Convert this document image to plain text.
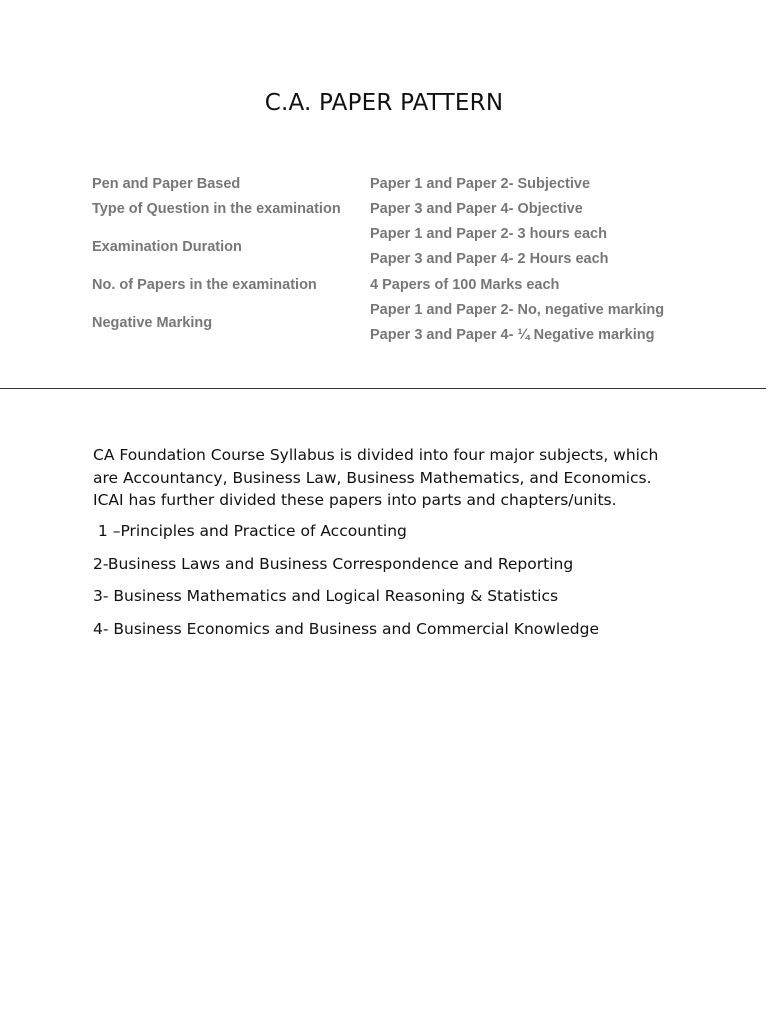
C.A. PAPER PATTERN
Pen and Paper Based
Type of Question in the examination
Examination Duration
No. of Papers in the examination
Negative Marking
Paper 1 and Paper 2- Subjective
Paper 3 and Paper 4- Objective
Paper 1 and Paper 2- 3 hours each
Paper 3 and Paper 4- 2 Hours each
4 Papers of 100 Marks each
Paper 1 and Paper 2- No, negative marking
Paper 3 and Paper 4- ¼ Negative marking

CA Foundation Course Syllabus is divided into four major subjects, which are Accountancy, Business Law, Business Mathematics, and Economics. ICAI has further divided these papers into parts and chapters/units.

1 –Principles and Practice of Accounting
2-Business Laws and Business Correspondence and Reporting
3- Business Mathematics and Logical Reasoning & Statistics
4- Business Economics and Business and Commercial Knowledge
